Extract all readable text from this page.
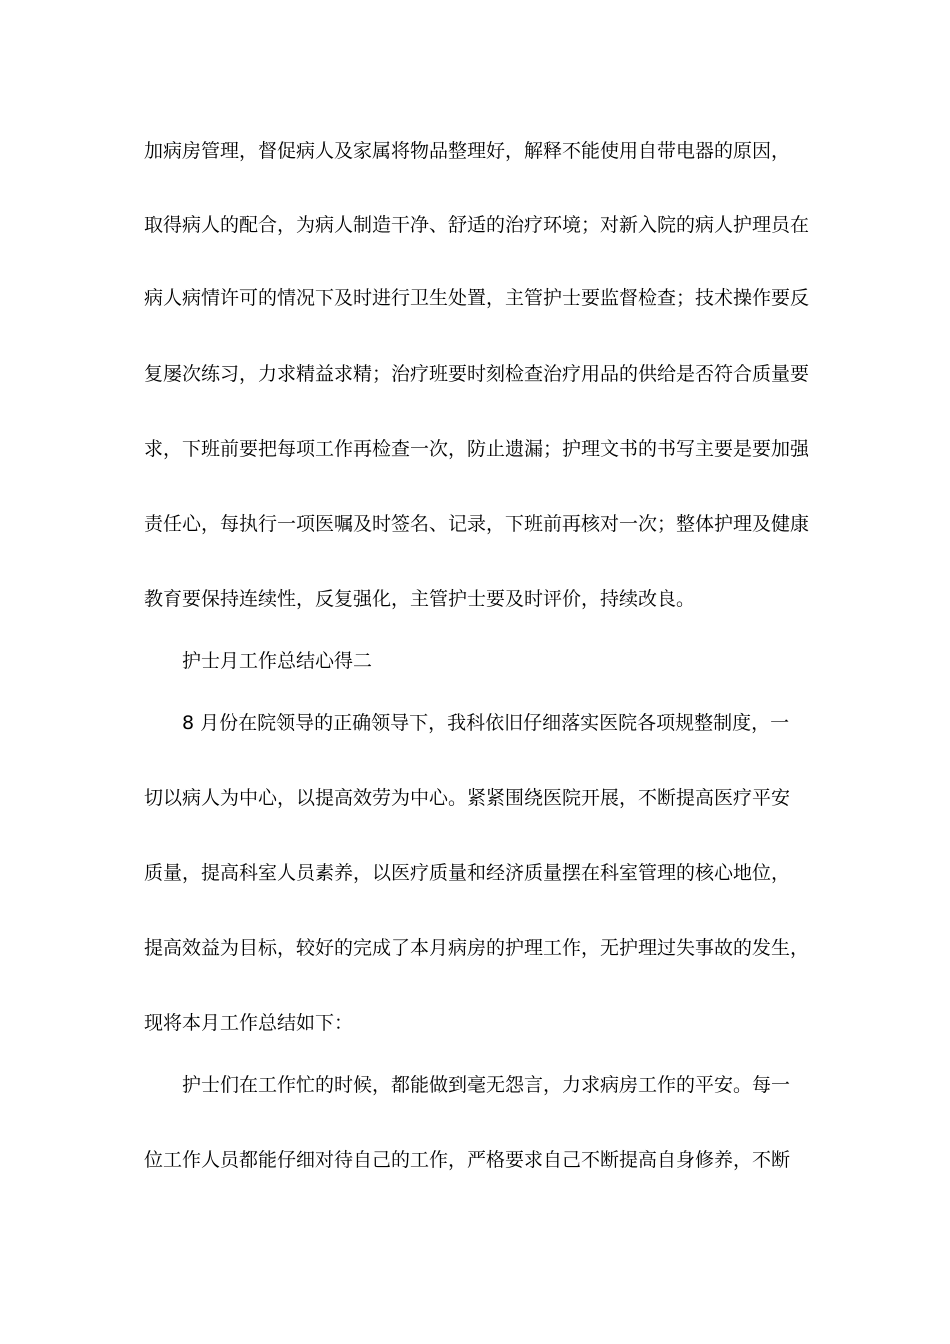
加病房管理，督促病人及家属将物品整理好，解释不能使用自带电器的原因，
取得病人的配合，为病人制造干净、舒适的治疗环境；对新入院的病人护理员在
病人病情许可的情况下及时进行卫生处置，主管护士要监督检查；技术操作要反
复屡次练习，力求精益求精；治疗班要时刻检查治疗用品的供给是否符合质量要
求，下班前要把每项工作再检查一次，防止遗漏；护理文书的书写主要是要加强
责任心，每执行一项医嘱及时签名、记录，下班前再核对一次；整体护理及健康
教育要保持连续性，反复强化，主管护士要及时评价，持续改良。
护士月工作总结心得二
8 月份在院领导的正确领导下，我科依旧仔细落实医院各项规整制度，一
切以病人为中心，以提高效劳为中心。紧紧围绕医院开展，不断提高医疗平安
质量，提高科室人员素养，以医疗质量和经济质量摆在科室管理的核心地位，
提高效益为目标，较好的完成了本月病房的护理工作，无护理过失事故的发生，
现将本月工作总结如下：
护士们在工作忙的时候，都能做到毫无怨言，力求病房工作的平安。每一
位工作人员都能仔细对待自己的工作，严格要求自己不断提高自身修养，不断
